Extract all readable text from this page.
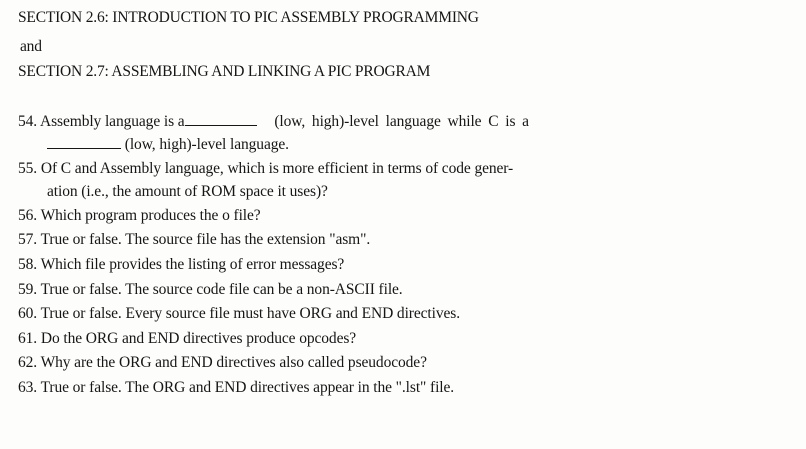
SECTION 2.6: INTRODUCTION TO PIC ASSEMBLY PROGRAMMING
and
SECTION 2.7: ASSEMBLING AND LINKING A PIC PROGRAM
54. Assembly language is a	(low, high)-level language while C is a
(low, high)-level language.
55. Of C and Assembly language, which is more efficient in terms of code gener-
ation (i.e., the amount of ROM space it uses)?
56. Which program produces the o file?
57. True or false. The source file has the extension "asm".
58. Which file provides the listing of error messages?
59. True or false. The source code file can be a non-ASCII file.
60. True or false. Every source file must have ORG and END directives.
61. Do the ORG and END directives produce opcodes?
62. Why are the ORG and END directives also called pseudocode?
63. True or false. The ORG and END directives appear in the ".lst" file.
